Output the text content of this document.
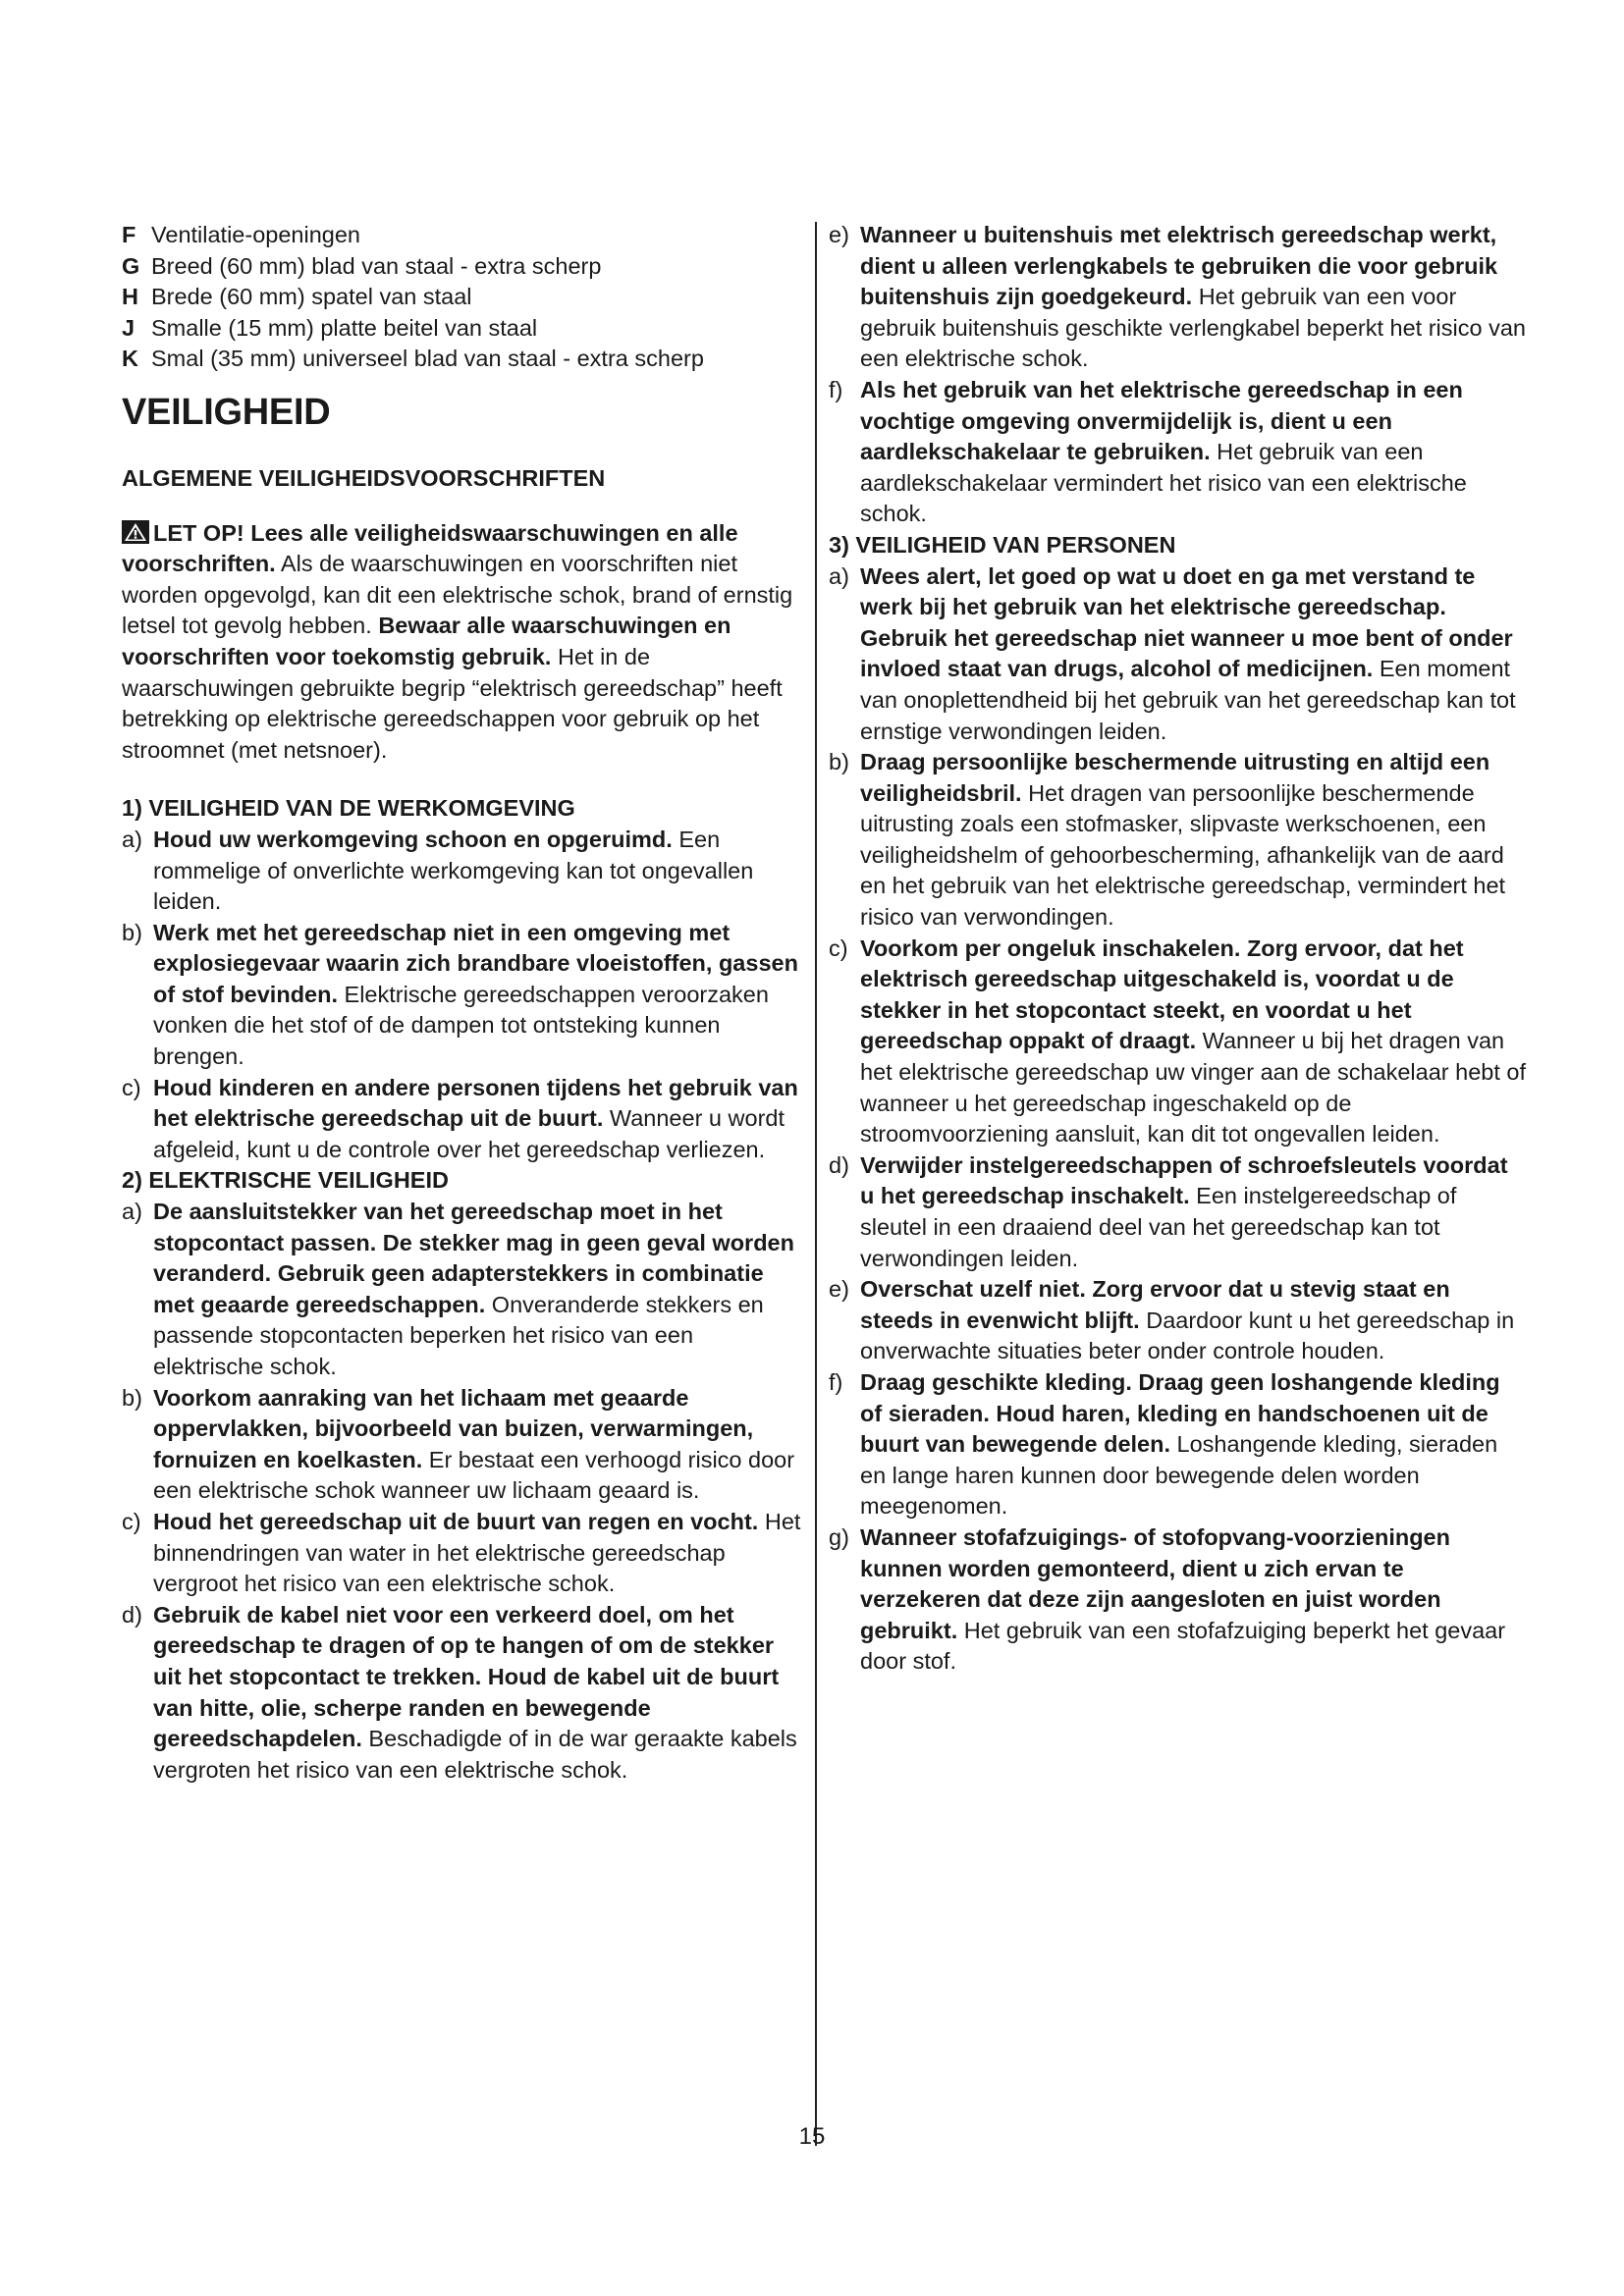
F Ventilatie-openingen
G Breed (60 mm) blad van staal - extra scherp
H Brede (60 mm) spatel van staal
J Smalle (15 mm) platte beitel van staal
K Smal (35 mm) universeel blad van staal - extra scherp
VEILIGHEID
ALGEMENE VEILIGHEIDSVOORSCHRIFTEN

LET OP! Lees alle veiligheidswaarschuwingen en alle voorschriften. Als de waarschuwingen en voorschriften niet worden opgevolgd, kan dit een elektrische schok, brand of ernstig letsel tot gevolg hebben. Bewaar alle waarschuwingen en voorschriften voor toekomstig gebruik. Het in de waarschuwingen gebruikte begrip “elektrisch gereedschap” heeft betrekking op elektrische gereedschappen voor gebruik op het stroomnet (met netsnoer).

1) VEILIGHEID VAN DE WERKOMGEVING
a) Houd uw werkomgeving schoon en opgeruimd. Een rommelige of onverlichte werkomgeving kan tot ongevallen leiden.
b) Werk met het gereedschap niet in een omgeving met explosiegevaar waarin zich brandbare vloeistoffen, gassen of stof bevinden. Elektrische gereedschappen veroorzaken vonken die het stof of de dampen tot ontsteking kunnen brengen.
c) Houd kinderen en andere personen tijdens het gebruik van het elektrische gereedschap uit de buurt. Wanneer u wordt afgeleid, kunt u de controle over het gereedschap verliezen.
2) ELEKTRISCHE VEILIGHEID
a) De aansluitstekker van het gereedschap moet in het stopcontact passen. De stekker mag in geen geval worden veranderd. Gebruik geen adapterstekkers in combinatie met geaarde gereedschappen. Onveranderde stekkers en passende stopcontacten beperken het risico van een elektrische schok.
b) Voorkom aanraking van het lichaam met geaarde oppervlakken, bijvoorbeeld van buizen, verwarmingen, fornuizen en koelkasten. Er bestaat een verhoogd risico door een elektrische schok wanneer uw lichaam geaard is.
c) Houd het gereedschap uit de buurt van regen en vocht. Het binnendringen van water in het elektrische gereedschap vergroot het risico van een elektrische schok.
d) Gebruik de kabel niet voor een verkeerd doel, om het gereedschap te dragen of op te hangen of om de stekker uit het stopcontact te trekken. Houd de kabel uit de buurt van hitte, olie, scherpe randen en bewegende gereedschapdelen. Beschadigde of in de war geraakte kabels vergroten het risico van een elektrische schok.
e) Wanneer u buitenshuis met elektrisch gereedschap werkt, dient u alleen verlengkabels te gebruiken die voor gebruik buitenshuis zijn goedgekeurd. Het gebruik van een voor gebruik buitenshuis geschikte verlengkabel beperkt het risico van een elektrische schok.
f) Als het gebruik van het elektrische gereedschap in een vochtige omgeving onvermijdelijk is, dient u een aardlekschakelaar te gebruiken. Het gebruik van een aardlekschakelaar vermindert het risico van een elektrische schok.
3) VEILIGHEID VAN PERSONEN
a) Wees alert, let goed op wat u doet en ga met verstand te werk bij het gebruik van het elektrische gereedschap. Gebruik het gereedschap niet wanneer u moe bent of onder invloed staat van drugs, alcohol of medicijnen. Een moment van onoplettendheid bij het gebruik van het gereedschap kan tot ernstige verwondingen leiden.
b) Draag persoonlijke beschermende uitrusting en altijd een veiligheidsbril. Het dragen van persoonlijke beschermende uitrusting zoals een stofmasker, slipvaste werkschoenen, een veiligheidshelm of gehoorbescherming, afhankelijk van de aard en het gebruik van het elektrische gereedschap, vermindert het risico van verwondingen.
c) Voorkom per ongeluk inschakelen. Zorg ervoor, dat het elektrisch gereedschap uitgeschakeld is, voordat u de stekker in het stopcontact steekt, en voordat u het gereedschap oppakt of draagt. Wanneer u bij het dragen van het elektrische gereedschap uw vinger aan de schakelaar hebt of wanneer u het gereedschap ingeschakeld op de stroomvoorziening aansluit, kan dit tot ongevallen leiden.
d) Verwijder instelgereedschappen of schroefsleutels voordat u het gereedschap inschakelt. Een instelgereedschap of sleutel in een draaiend deel van het gereedschap kan tot verwondingen leiden.
e) Overschat uzelf niet. Zorg ervoor dat u stevig staat en steeds in evenwicht blijft. Daardoor kunt u het gereedschap in onverwachte situaties beter onder controle houden.
f) Draag geschikte kleding. Draag geen loshangende kleding of sieraden. Houd haren, kleding en handschoenen uit de buurt van bewegende delen. Loshangende kleding, sieraden en lange haren kunnen door bewegende delen worden meegenomen.
g) Wanneer stofafzuigings- of stofopvang-voorzieningen kunnen worden gemonteerd, dient u zich ervan te verzekeren dat deze zijn aangesloten en juist worden gebruikt. Het gebruik van een stofafzuiging beperkt het gevaar door stof.
15
